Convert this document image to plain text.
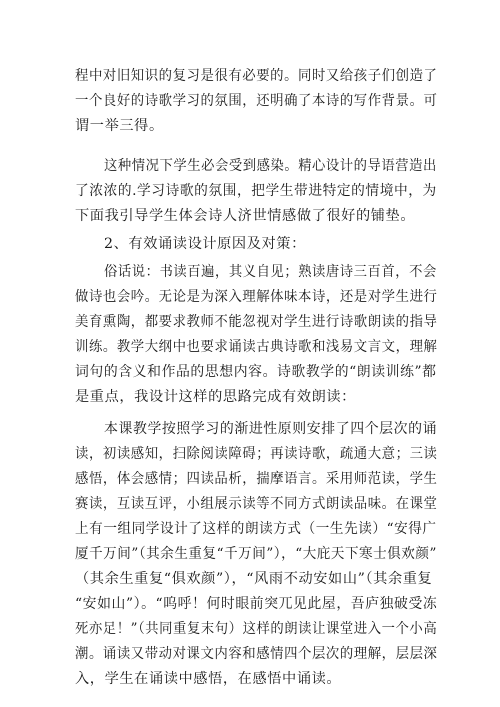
程中对旧知识的复习是很有必要的。同时又给孩子们创造了
一个良好的诗歌学习的氛围，还明确了本诗的写作背景。可
谓一举三得。
这种情况下学生必会受到感染。精心设计的导语营造出
了浓浓的.学习诗歌的氛围，把学生带进特定的情境中，为
下面我引导学生体会诗人济世情感做了很好的铺垫。
2、有效诵读设计原因及对策：
俗话说：书读百遍，其义自见；熟读唐诗三百首，不会
做诗也会吟。无论是为深入理解体味本诗，还是对学生进行
美育熏陶，都要求教师不能忽视对学生进行诗歌朗读的指导
训练。教学大纲中也要求诵读古典诗歌和浅易文言文，理解
词句的含义和作品的思想内容。诗歌教学的“朗读训练”都
是重点，我设计这样的思路完成有效朗读：
本课教学按照学习的渐进性原则安排了四个层次的诵
读，初读感知，扫除阅读障碍；再读诗歌，疏通大意；三读
感悟，体会感情；四读品析，揣摩语言。采用师范读，学生
赛读，互读互评，小组展示读等不同方式朗读品味。在课堂
上有一组同学设计了这样的朗读方式（一生先读）“安得广
厦千万间”（其余生重复“千万间”），“大庇天下寒士俱欢颜”
（其余生重复“俱欢颜”），“风雨不动安如山”（其余重复
“安如山”）。“呜呼！何时眼前突兀见此屋，吾庐独破受冻
死亦足！”（共同重复末句）这样的朗读让课堂进入一个小高
潮。诵读又带动对课文内容和感情四个层次的理解，层层深
入，学生在诵读中感悟，在感悟中诵读。
